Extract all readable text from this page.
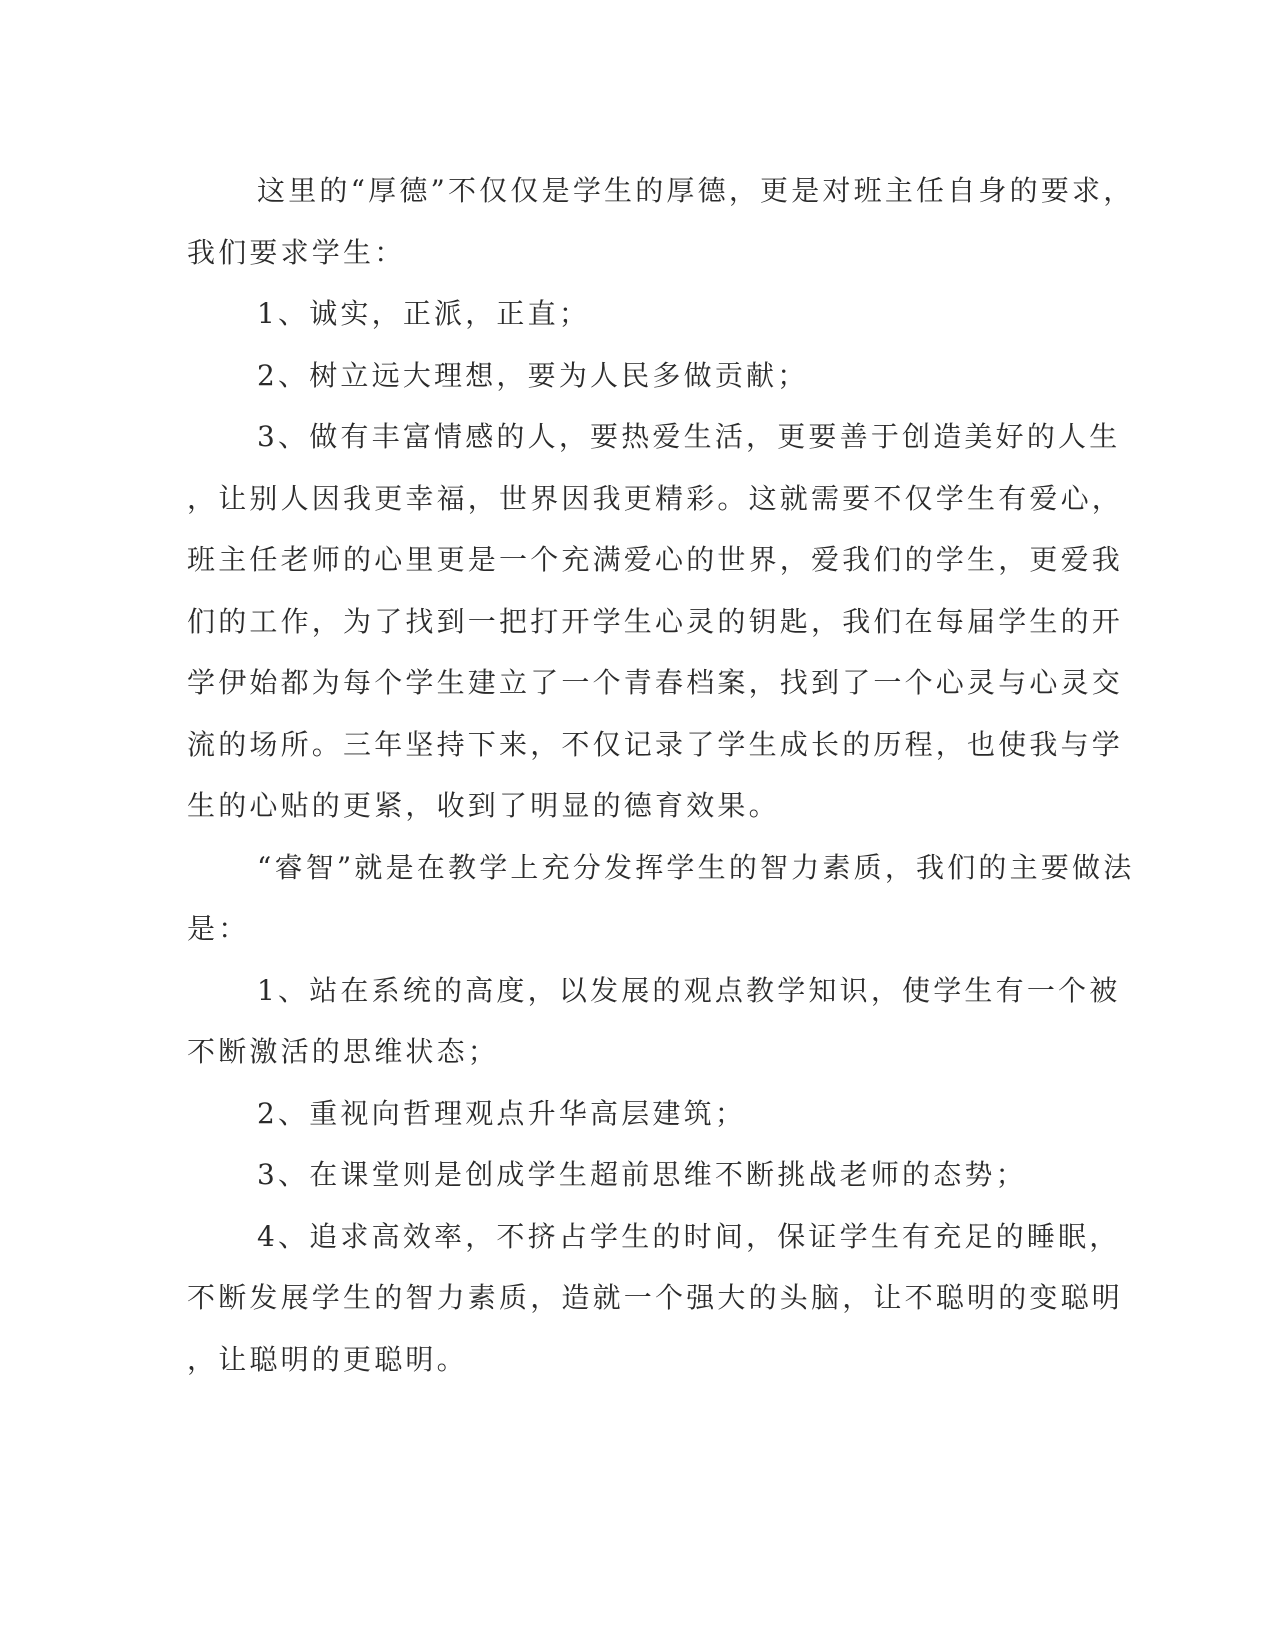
这里的“厚德”不仅仅是学生的厚德，更是对班主任自身的要求，
我们要求学生：
1、诚实，正派，正直；
2、树立远大理想，要为人民多做贡献；
3、做有丰富情感的人，要热爱生活，更要善于创造美好的人生
，让别人因我更幸福，世界因我更精彩。这就需要不仅学生有爱心，
班主任老师的心里更是一个充满爱心的世界，爱我们的学生，更爱我
们的工作，为了找到一把打开学生心灵的钥匙，我们在每届学生的开
学伊始都为每个学生建立了一个青春档案，找到了一个心灵与心灵交
流的场所。三年坚持下来，不仅记录了学生成长的历程，也使我与学
生的心贴的更紧，收到了明显的德育效果。
“睿智”就是在教学上充分发挥学生的智力素质，我们的主要做法
是：
1、站在系统的高度，以发展的观点教学知识，使学生有一个被
不断激活的思维状态；
2、重视向哲理观点升华高层建筑；
3、在课堂则是创成学生超前思维不断挑战老师的态势；
4、追求高效率，不挤占学生的时间，保证学生有充足的睡眠，
不断发展学生的智力素质，造就一个强大的头脑，让不聪明的变聪明
，让聪明的更聪明。
